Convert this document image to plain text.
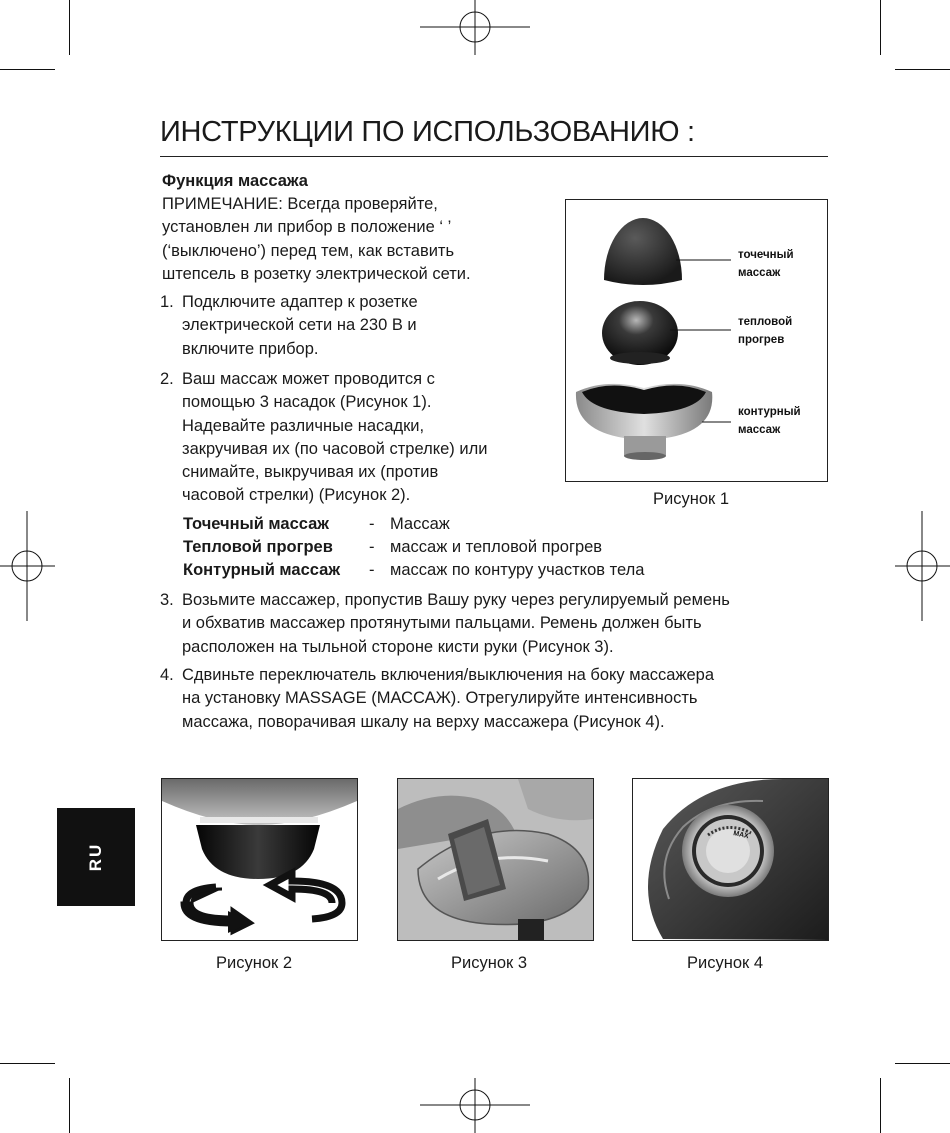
ИНСТРУКЦИИ ПО ИСПОЛЬЗОВАНИЮ :
Функция массажа
ПРИМЕЧАНИЕ: Всегда проверяйте,
установлен ли прибор в положение ‘ ’
(‘выключено’) перед тем, как вставить
штепсель в розетку электрической сети.
1. Подключите адаптер к розетке
электрической сети на 230 В и
включите прибор.
2. Ваш массаж может проводится с
помощью 3 насадок (Рисунок 1).
Надевайте различные насадки,
закручивая их (по часовой стрелке) или
снимайте, выкручивая их (против
часовой стрелки) (Рисунок 2).
Точечный массаж - Массаж
Тепловой прогрев - массаж и тепловой прогрев
Контурный массаж - массаж по контуру участков тела
3. Возьмите массажер, пропустив Вашу руку через регулируемый ремень
и обхватив массажер протянутыми пальцами. Ремень должен быть
расположен на тыльной стороне кисти руки (Рисунок 3).
4. Сдвиньте переключатель включения/выключения на боку массажера
на установку MASSAGE (МАССАЖ). Отрегулируйте интенсивность
массажа, поворачивая шкалу на верху массажера (Рисунок 4).
точечный
массаж
тепловой
прогрев
контурный
массаж
Рисунок 1
Рисунок 2	Рисунок 3
MAX
Рисунок 4
RU
